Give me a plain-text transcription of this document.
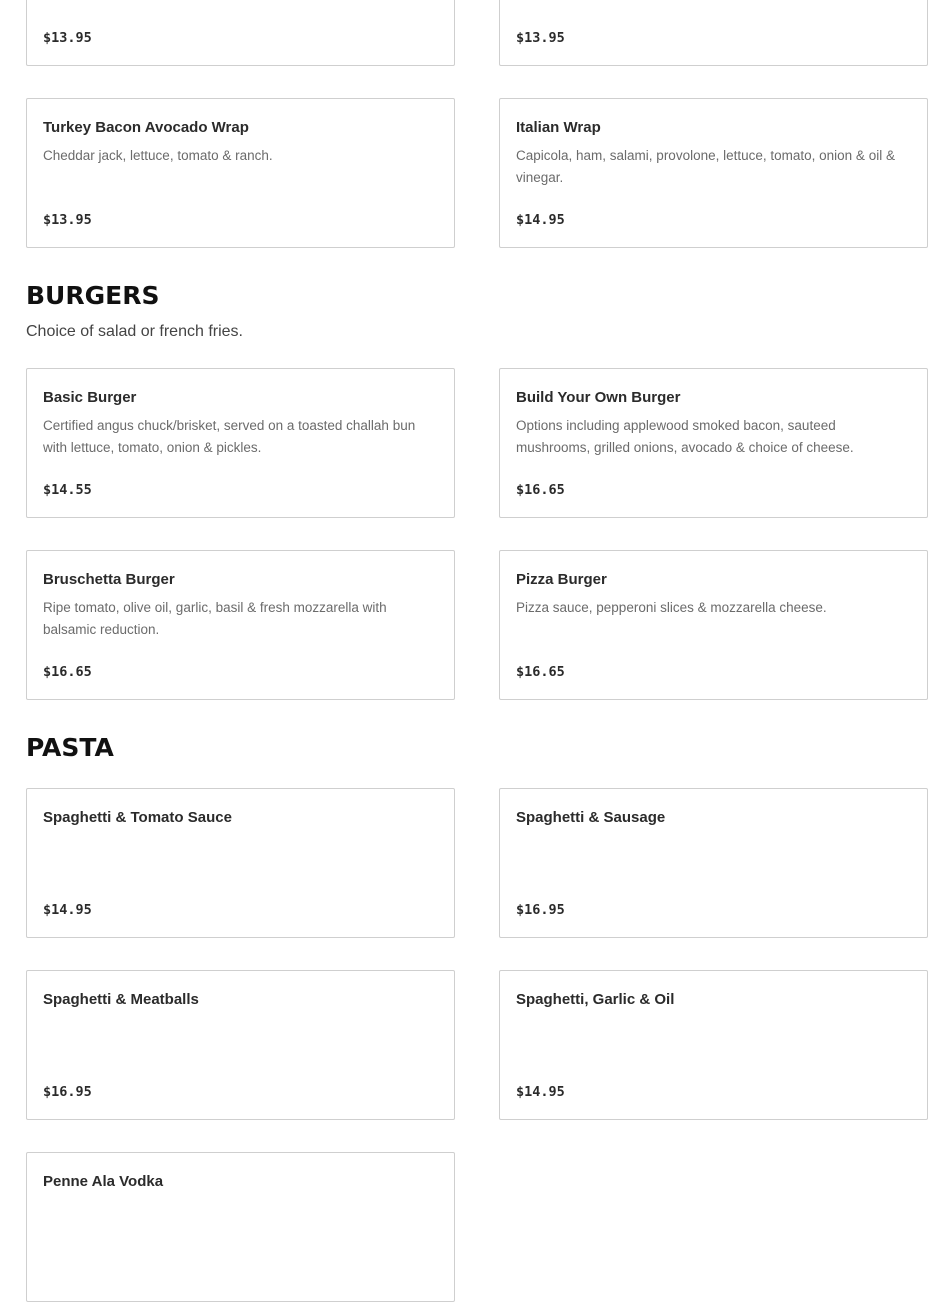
$13.95	$13.95
Turkey Bacon Avocado Wrap
Cheddar jack, lettuce, tomato & ranch.
$13.95
Italian Wrap
Capicola, ham, salami, provolone, lettuce, tomato, onion & oil & vinegar.
$14.95
BURGERS

Choice of salad or french fries.

Basic Burger
Certified angus chuck/brisket, served on a toasted challah bun with lettuce, tomato, onion & pickles.
$14.55
Build Your Own Burger
Options including applewood smoked bacon, sauteed mushrooms, grilled onions, avocado & choice of cheese.
$16.65
Bruschetta Burger
Ripe tomato, olive oil, garlic, basil & fresh mozzarella with balsamic reduction.
$16.65
Pizza Burger
Pizza sauce, pepperoni slices & mozzarella cheese.
$16.65
PASTA
Spaghetti & Tomato Sauce
$14.95
Spaghetti & Sausage
$16.95
Spaghetti & Meatballs
$16.95
Spaghetti, Garlic & Oil
$14.95
Penne Ala Vodka
